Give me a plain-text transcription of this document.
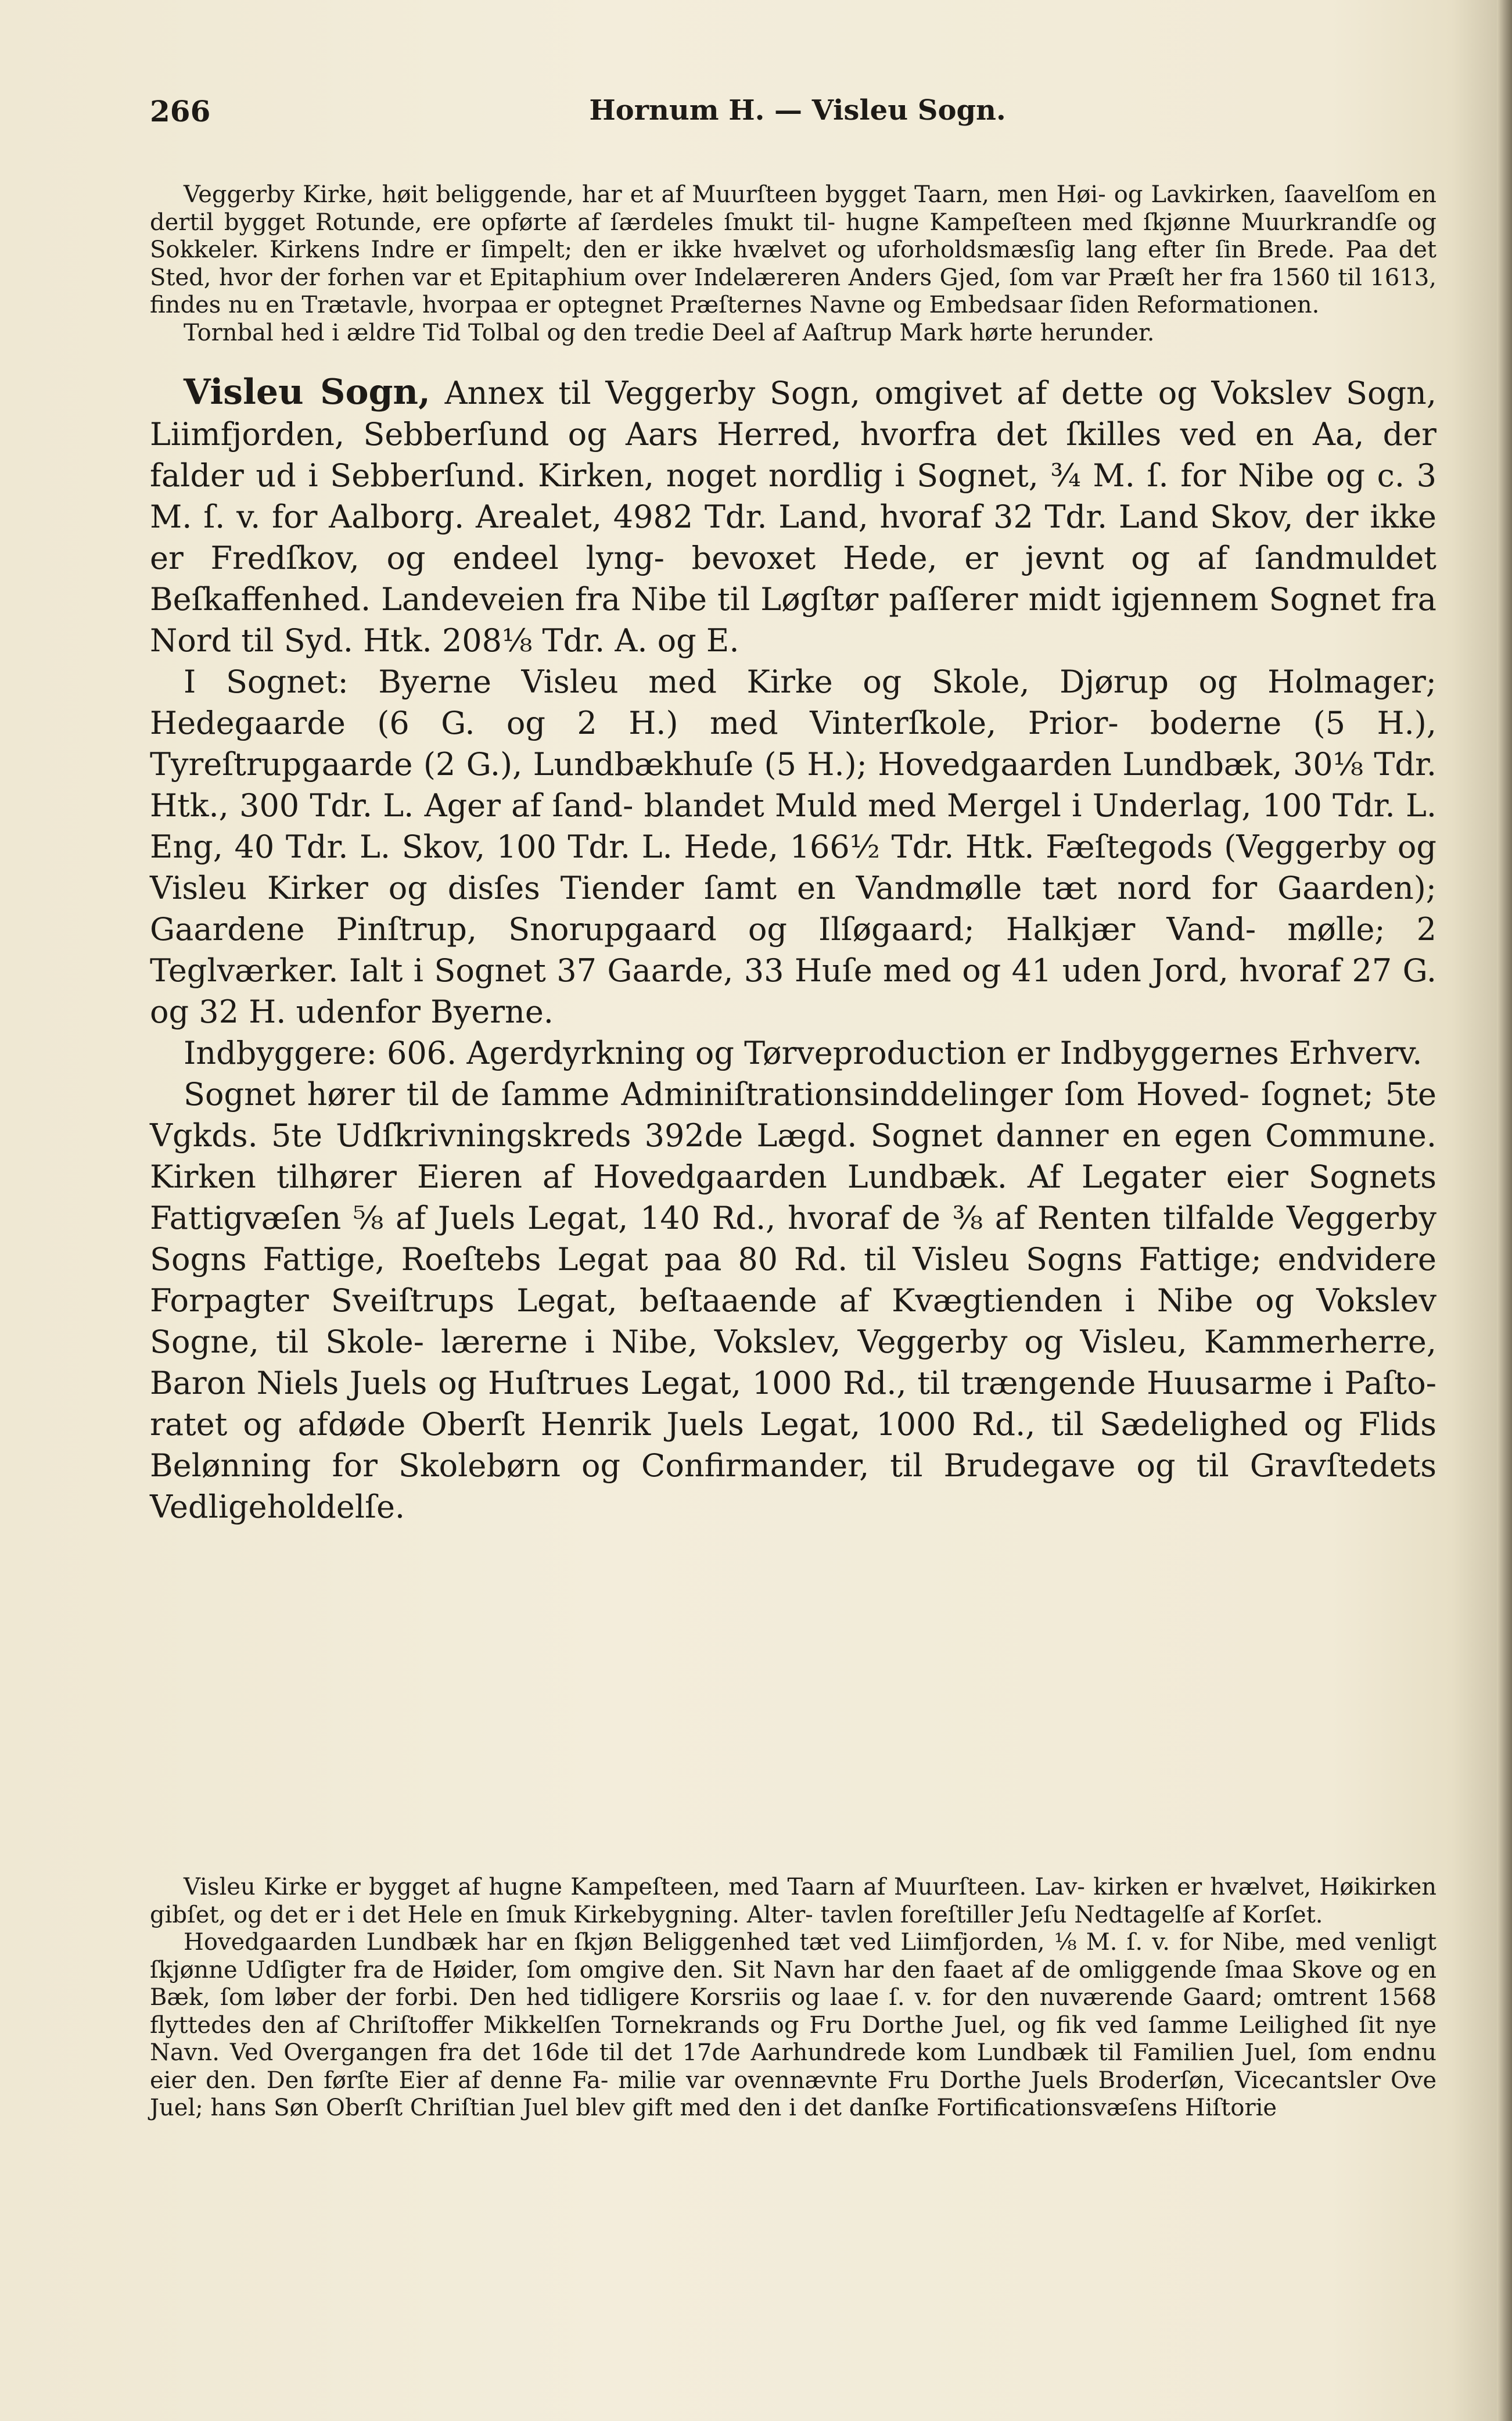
266	Hornum H. — Visleu Sogn.

Veggerby Kirke, høit beliggende, har et af Muurſteen bygget Taarn, men Høi- og Lavkirken, ſaavelſom en dertil bygget Rotunde, ere opførte af ſærdeles ſmukt til- hugne Kampeſteen med ſkjønne Muurkrandſe og Sokkeler. Kirkens Indre er ſimpelt; den er ikke hvælvet og uforholdsmæsſig lang efter ſin Brede. Paa det Sted, hvor der forhen var et Epitaphium over Indelæreren Anders Gjed, ſom var Præſt her fra 1560 til 1613, findes nu en Trætavle, hvorpaa er optegnet Præſternes Navne og Embedsaar ſiden Reformationen.

Tornbal hed i ældre Tid Tolbal og den tredie Deel af Aaſtrup Mark hørte herunder.

Visleu Sogn, Annex til Veggerby Sogn, omgivet af dette og Vokslev Sogn, Liimfjorden, Sebberſund og Aars Herred, hvorfra det ſkilles ved en Aa, der falder ud i Sebberſund. Kirken, noget nordlig i Sognet, ¾ M. ſ. for Nibe og c. 3 M. ſ. v. for Aalborg. Arealet, 4982 Tdr. Land, hvoraf 32 Tdr. Land Skov, der ikke er Fredſkov, og endeel lyng- bevoxet Hede, er jevnt og af ſandmuldet Beſkaffenhed. Landeveien fra Nibe til Løgſtør paſſerer midt igjennem Sognet fra Nord til Syd. Htk. 208⅛ Tdr. A. og E.

I Sognet: Byerne Visleu med Kirke og Skole, Djørup og Holmager; Hedegaarde (6 G. og 2 H.) med Vinterſkole, Prior- boderne (5 H.), Tyreſtrupgaarde (2 G.), Lundbækhuſe (5 H.); Hovedgaarden Lundbæk, 30⅛ Tdr. Htk., 300 Tdr. L. Ager af ſand- blandet Muld med Mergel i Underlag, 100 Tdr. L. Eng, 40 Tdr. L. Skov, 100 Tdr. L. Hede, 166½ Tdr. Htk. Fæſtegods (Veggerby og Visleu Kirker og disſes Tiender ſamt en Vandmølle tæt nord for Gaarden); Gaardene Pinſtrup, Snorupgaard og Ilſøgaard; Halkjær Vand- mølle; 2 Teglværker. Ialt i Sognet 37 Gaarde, 33 Huſe med og 41 uden Jord, hvoraf 27 G. og 32 H. udenfor Byerne.

Indbyggere: 606. Agerdyrkning og Tørveproduction er Indbyggernes Erhverv.

Sognet hører til de ſamme Adminiſtrationsinddelinger ſom Hoved- ſognet; 5te Vgkds. 5te Udſkrivningskreds 392de Lægd. Sognet danner en egen Commune. Kirken tilhører Eieren af Hovedgaarden Lundbæk. Af Legater eier Sognets Fattigvæſen ⅝ af Juels Legat, 140 Rd., hvoraf de ⅜ af Renten tilfalde Veggerby Sogns Fattige, Roeſtebs Legat paa 80 Rd. til Visleu Sogns Fattige; endvidere Forpagter Sveiſtrups Legat, beſtaaende af Kvægtienden i Nibe og Vokslev Sogne, til Skole- lærerne i Nibe, Vokslev, Veggerby og Visleu, Kammerherre, Baron Niels Juels og Huſtrues Legat, 1000 Rd., til trængende Huusarme i Paſto- ratet og afdøde Oberſt Henrik Juels Legat, 1000 Rd., til Sædelighed og Flids Belønning for Skolebørn og Confirmander, til Brudegave og til Gravſtedets Vedligeholdelſe.

Visleu Kirke er bygget af hugne Kampeſteen, med Taarn af Muurſteen. Lav- kirken er hvælvet, Høikirken gibſet, og det er i det Hele en ſmuk Kirkebygning. Alter- tavlen foreſtiller Jeſu Nedtagelſe af Korſet.

Hovedgaarden Lundbæk har en ſkjøn Beliggenhed tæt ved Liimfjorden, ⅛ M. ſ. v. for Nibe, med venligt ſkjønne Udſigter fra de Høider, ſom omgive den. Sit Navn har den faaet af de omliggende ſmaa Skove og en Bæk, ſom løber der forbi. Den hed tidligere Korsriis og laae ſ. v. for den nuværende Gaard; omtrent 1568 flyttedes den af Chriſtoffer Mikkelſen Tornekrands og Fru Dorthe Juel, og fik ved ſamme Leilighed ſit nye Navn. Ved Overgangen fra det 16de til det 17de Aarhundrede kom Lundbæk til Familien Juel, ſom endnu eier den. Den førſte Eier af denne Fa- milie var ovennævnte Fru Dorthe Juels Broderſøn, Vicecantsler Ove Juel; hans Søn Oberſt Chriſtian Juel blev gift med den i det danſke Fortificationsvæſens Hiſtorie
